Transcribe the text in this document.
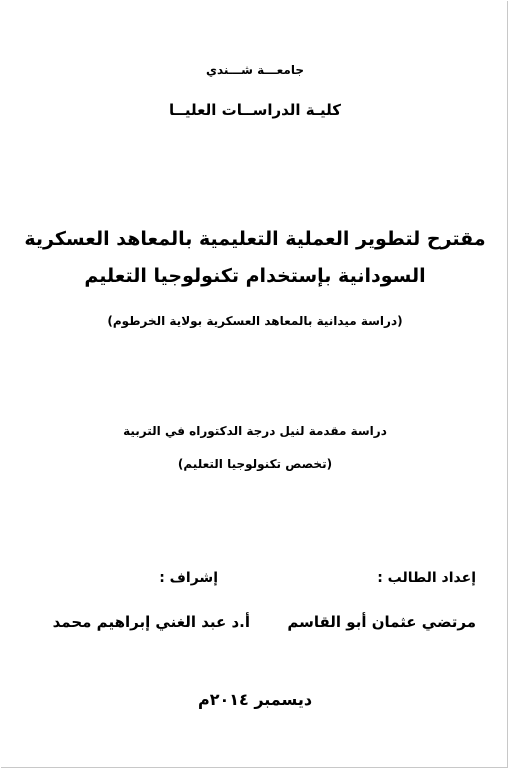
جامعـــة شـــندي
كليـة الدراســات العليــا
مقترح لتطوير العملية التعليمية بالمعاهد العسكرية
السودانية بإستخدام تكنولوجيا التعليم
(دراسة ميدانية بالمعاهد العسكرية بولاية الخرطوم)
دراسة مقدمة لنيل درجة الدكتوراه في التربية
(تخصص تكنولوجيا التعليم)
إعداد الطالب :
إشراف :
مرتضي عثمان أبو القاسم
أ.د عبد الغني إبراهيم محمد
ديسمبر ٢٠١٤م
